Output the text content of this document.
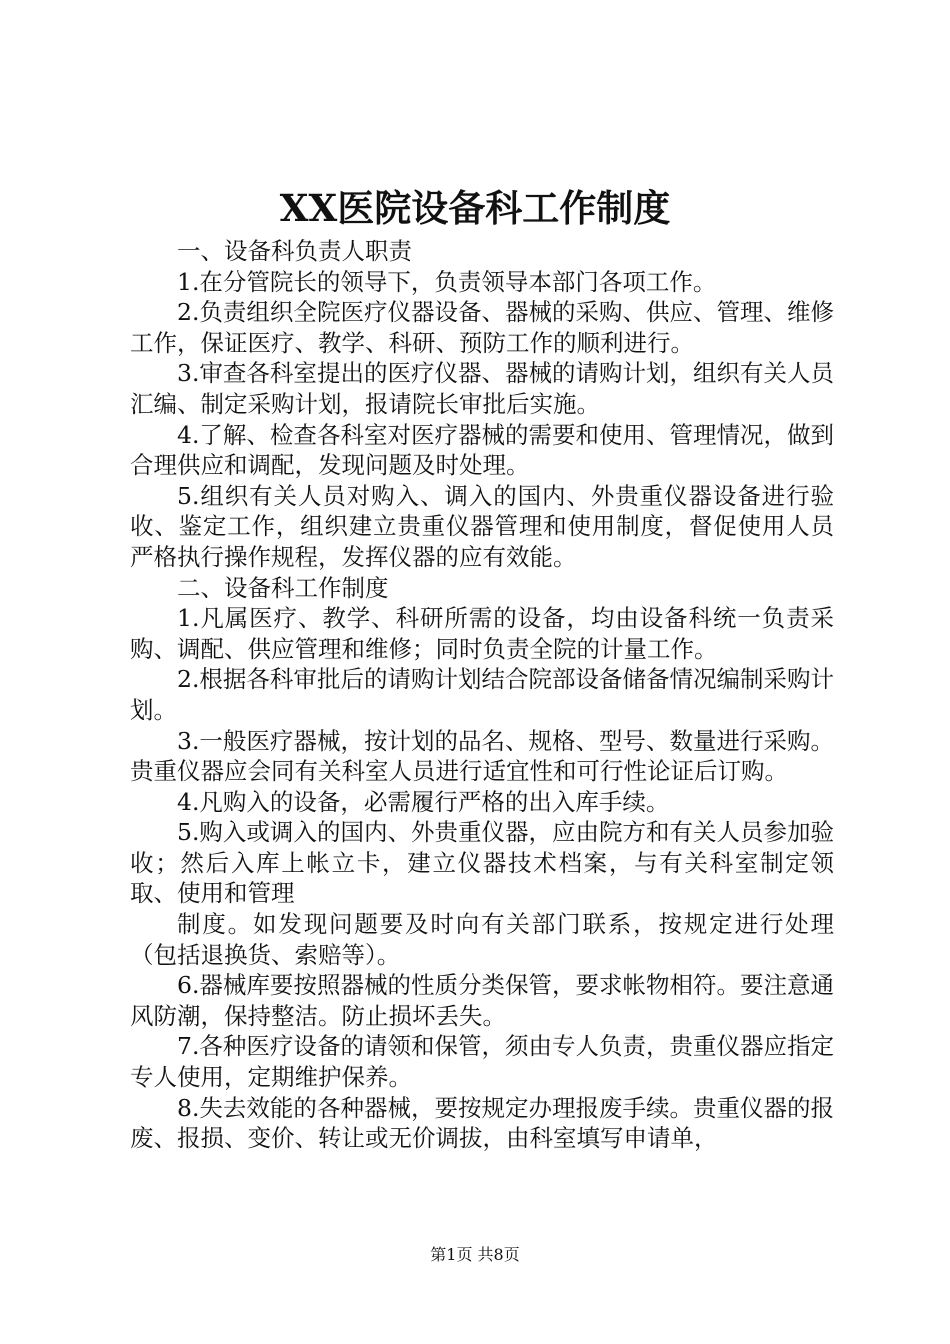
XX医院设备科工作制度

一、设备科负责人职责

1.在分管院长的领导下，负责领导本部门各项工作。

2.负责组织全院医疗仪器设备、器械的采购、供应、管理、维修工作，保证医疗、教学、科研、预防工作的顺利进行。

3.审查各科室提出的医疗仪器、器械的请购计划，组织有关人员汇编、制定采购计划，报请院长审批后实施。

4.了解、检查各科室对医疗器械的需要和使用、管理情况，做到合理供应和调配，发现问题及时处理。

5.组织有关人员对购入、调入的国内、外贵重仪器设备进行验收、鉴定工作，组织建立贵重仪器管理和使用制度，督促使用人员严格执行操作规程，发挥仪器的应有效能。

二、设备科工作制度

1.凡属医疗、教学、科研所需的设备，均由设备科统一负责采购、调配、供应管理和维修；同时负责全院的计量工作。

2.根据各科审批后的请购计划结合院部设备储备情况编制采购计划。

3.一般医疗器械，按计划的品名、规格、型号、数量进行采购。贵重仪器应会同有关科室人员进行适宜性和可行性论证后订购。

4.凡购入的设备，必需履行严格的出入库手续。

5.购入或调入的国内、外贵重仪器，应由院方和有关人员参加验收；然后入库上帐立卡，建立仪器技术档案，与有关科室制定领取、使用和管理

制度。如发现问题要及时向有关部门联系，按规定进行处理（包括退换货、索赔等）。

6.器械库要按照器械的性质分类保管，要求帐物相符。要注意通风防潮，保持整洁。防止损坏丢失。

7.各种医疗设备的请领和保管，须由专人负责，贵重仪器应指定专人使用，定期维护保养。

8.失去效能的各种器械，要按规定办理报废手续。贵重仪器的报废、报损、变价、转让或无价调拔，由科室填写申请单，

第1页 共8页
